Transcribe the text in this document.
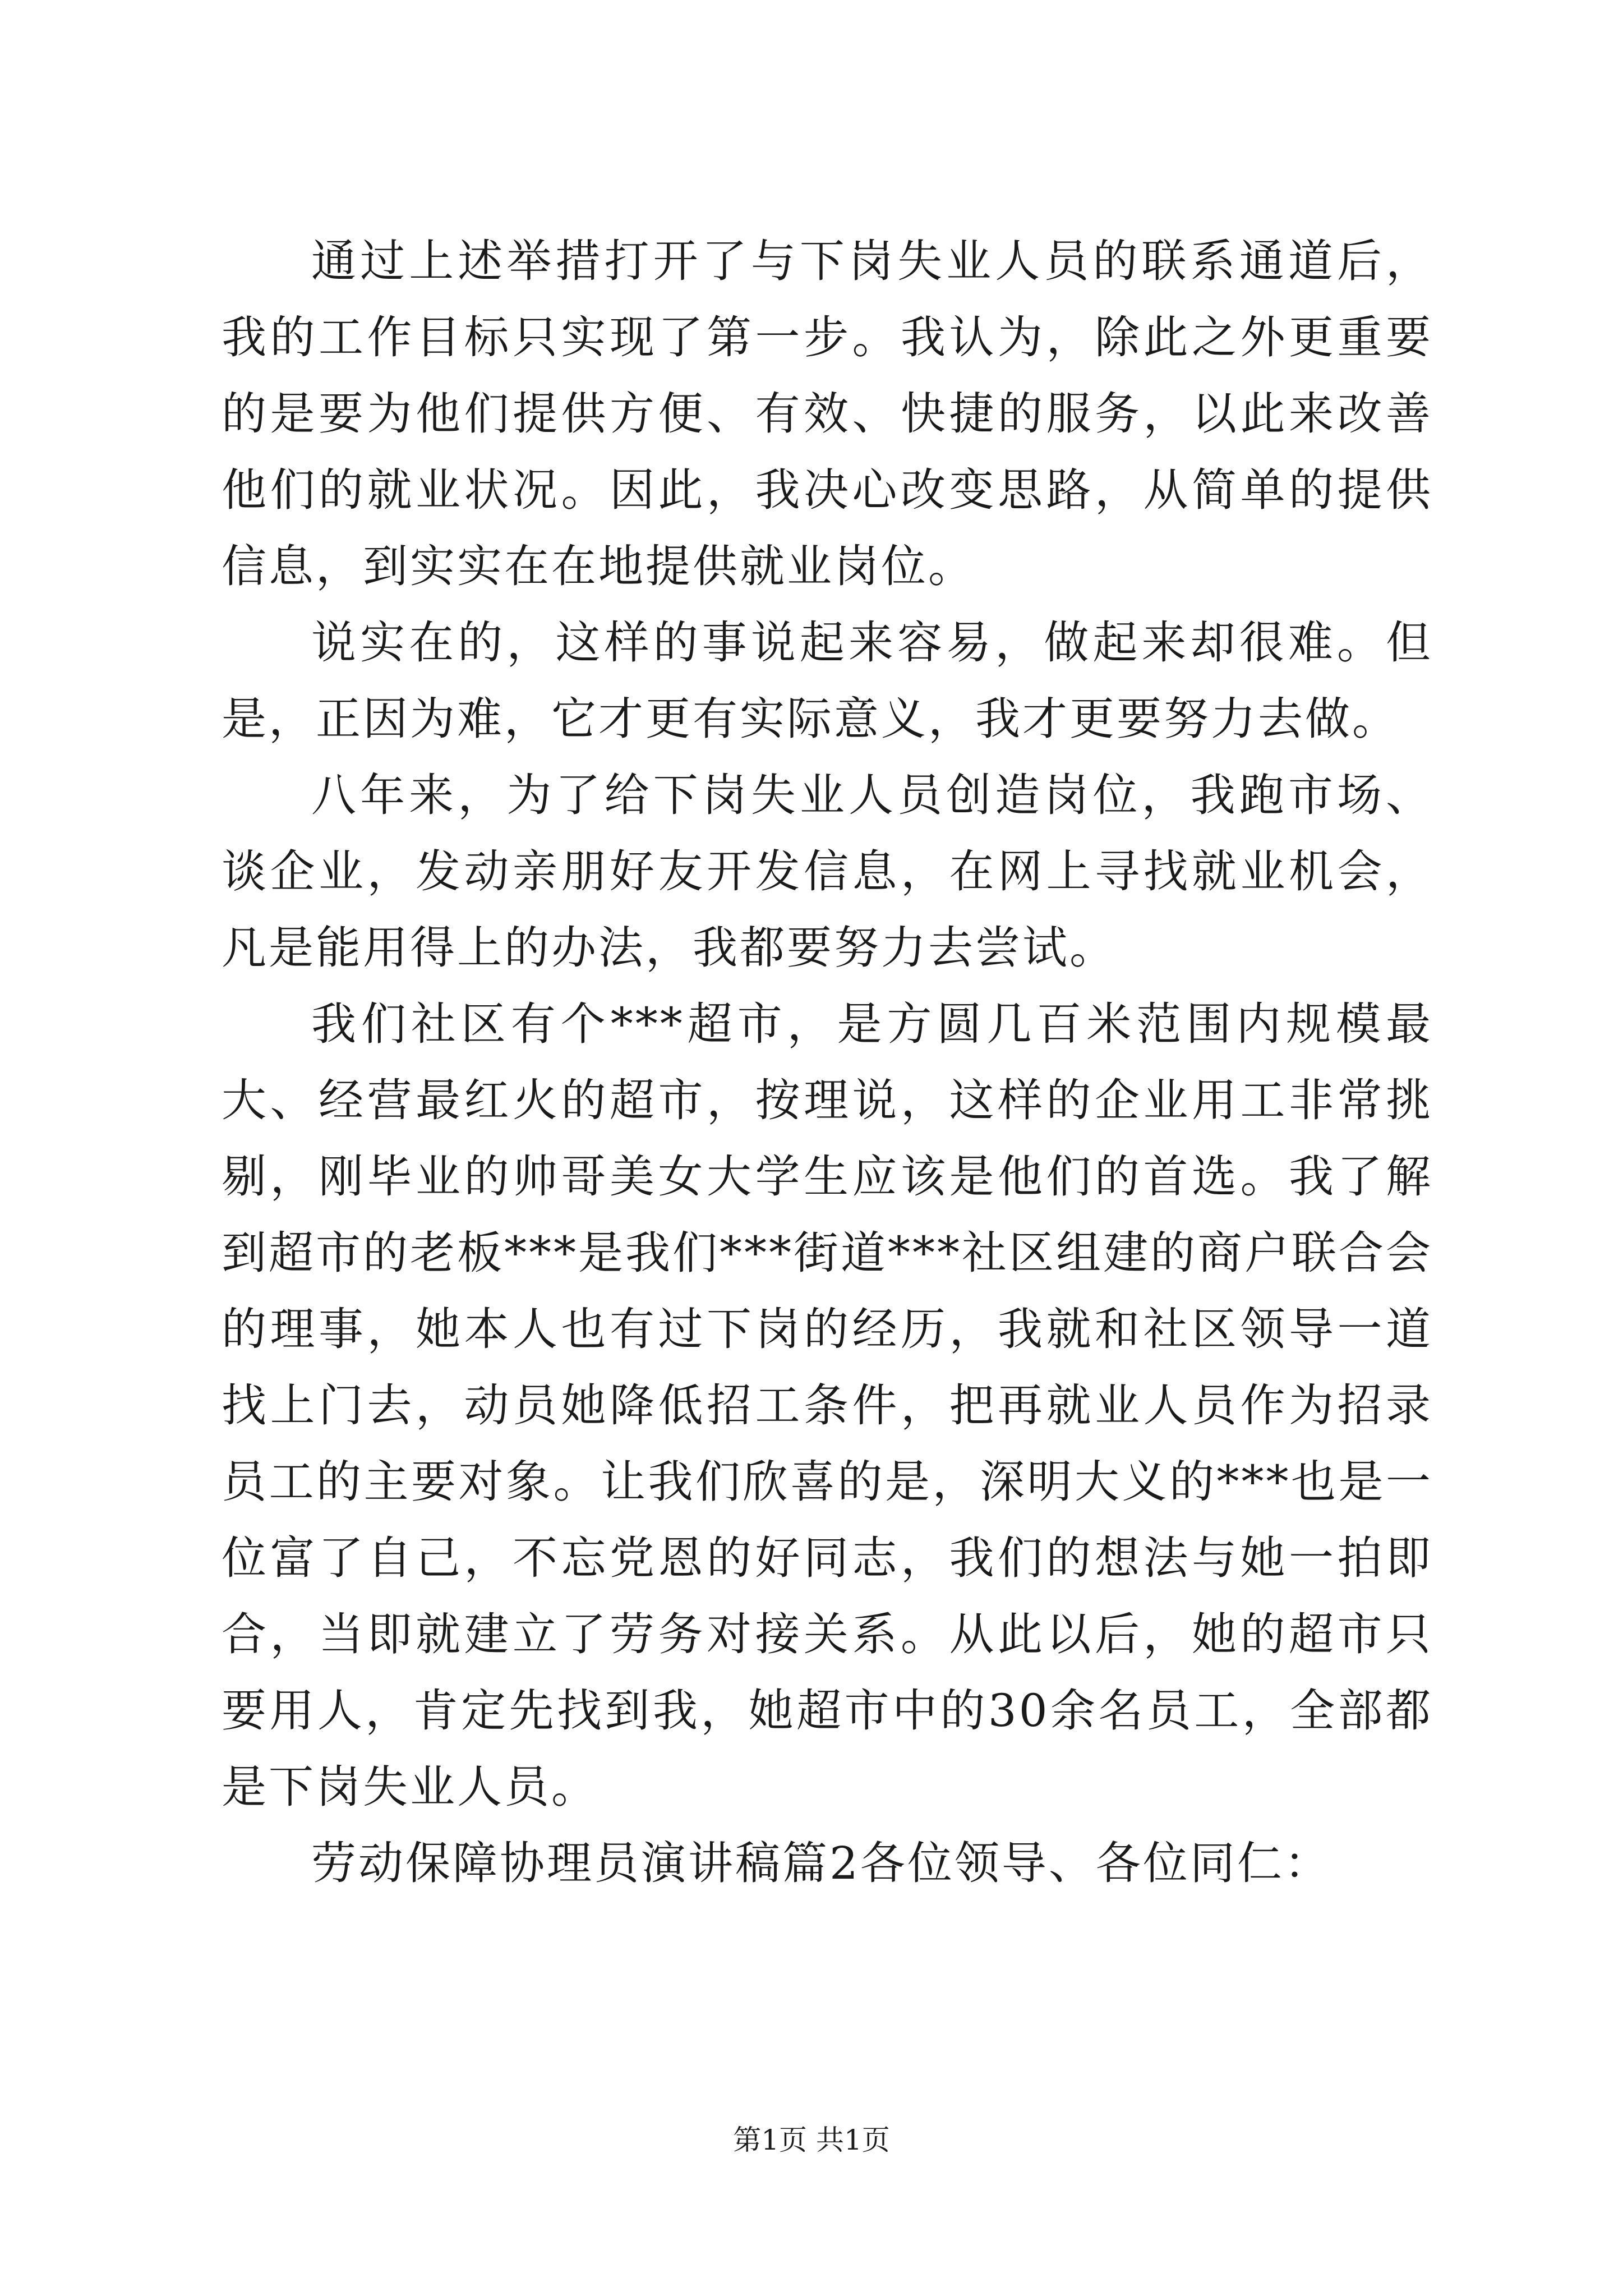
通过上述举措打开了与下岗失业人员的联系通道后，我的工作目标只实现了第一步。我认为，除此之外更重要的是要为他们提供方便、有效、快捷的服务，以此来改善他们的就业状况。因此，我决心改变思路，从简单的提供信息，到实实在在地提供就业岗位。

说实在的，这样的事说起来容易，做起来却很难。但是，正因为难，它才更有实际意义，我才更要努力去做。

八年来，为了给下岗失业人员创造岗位，我跑市场、谈企业，发动亲朋好友开发信息，在网上寻找就业机会，凡是能用得上的办法，我都要努力去尝试。

我们社区有个***超市，是方圆几百米范围内规模最大、经营最红火的超市，按理说，这样的企业用工非常挑剔，刚毕业的帅哥美女大学生应该是他们的首选。我了解到超市的老板***是我们***街道***社区组建的商户联合会的理事，她本人也有过下岗的经历，我就和社区领导一道找上门去，动员她降低招工条件，把再就业人员作为招录员工的主要对象。让我们欣喜的是，深明大义的***也是一位富了自己，不忘党恩的好同志，我们的想法与她一拍即合，当即就建立了劳务对接关系。从此以后，她的超市只要用人，肯定先找到我，她超市中的30余名员工，全部都是下岗失业人员。

劳动保障协理员演讲稿篇2各位领导、各位同仁：

第1页 共1页
